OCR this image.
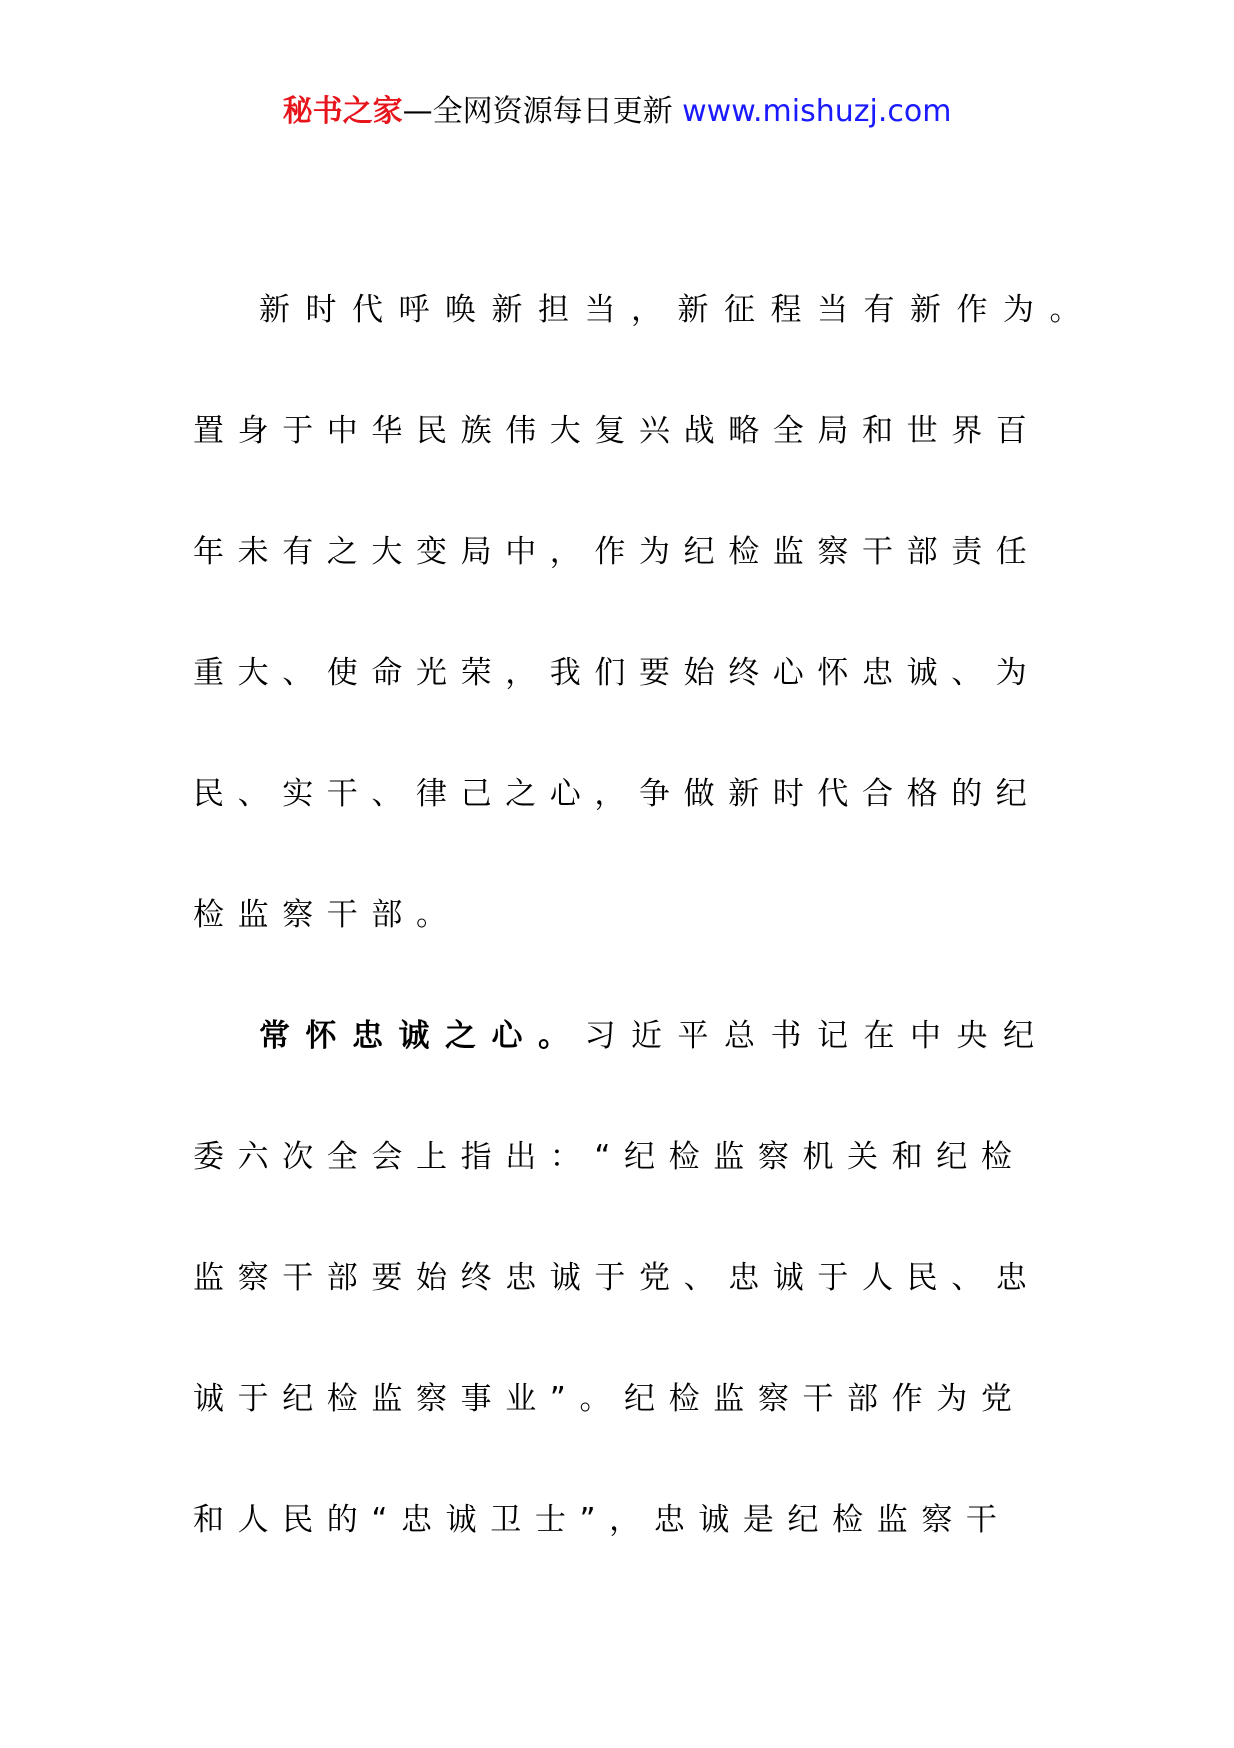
秘书之家—全网资源每日更新 www.mishuzj.com
新时代呼唤新担当，新征程当有新作为。
置身于中华民族伟大复兴战略全局和世界百
年未有之大变局中，作为纪检监察干部责任
重大、使命光荣，我们要始终心怀忠诚、为
民、实干、律己之心，争做新时代合格的纪
检监察干部。
常怀忠诚之心。习近平总书记在中央纪
委六次全会上指出：“纪检监察机关和纪检
监察干部要始终忠诚于党、忠诚于人民、忠
诚于纪检监察事业”。纪检监察干部作为党
和人民的“忠诚卫士”，忠诚是纪检监察干
